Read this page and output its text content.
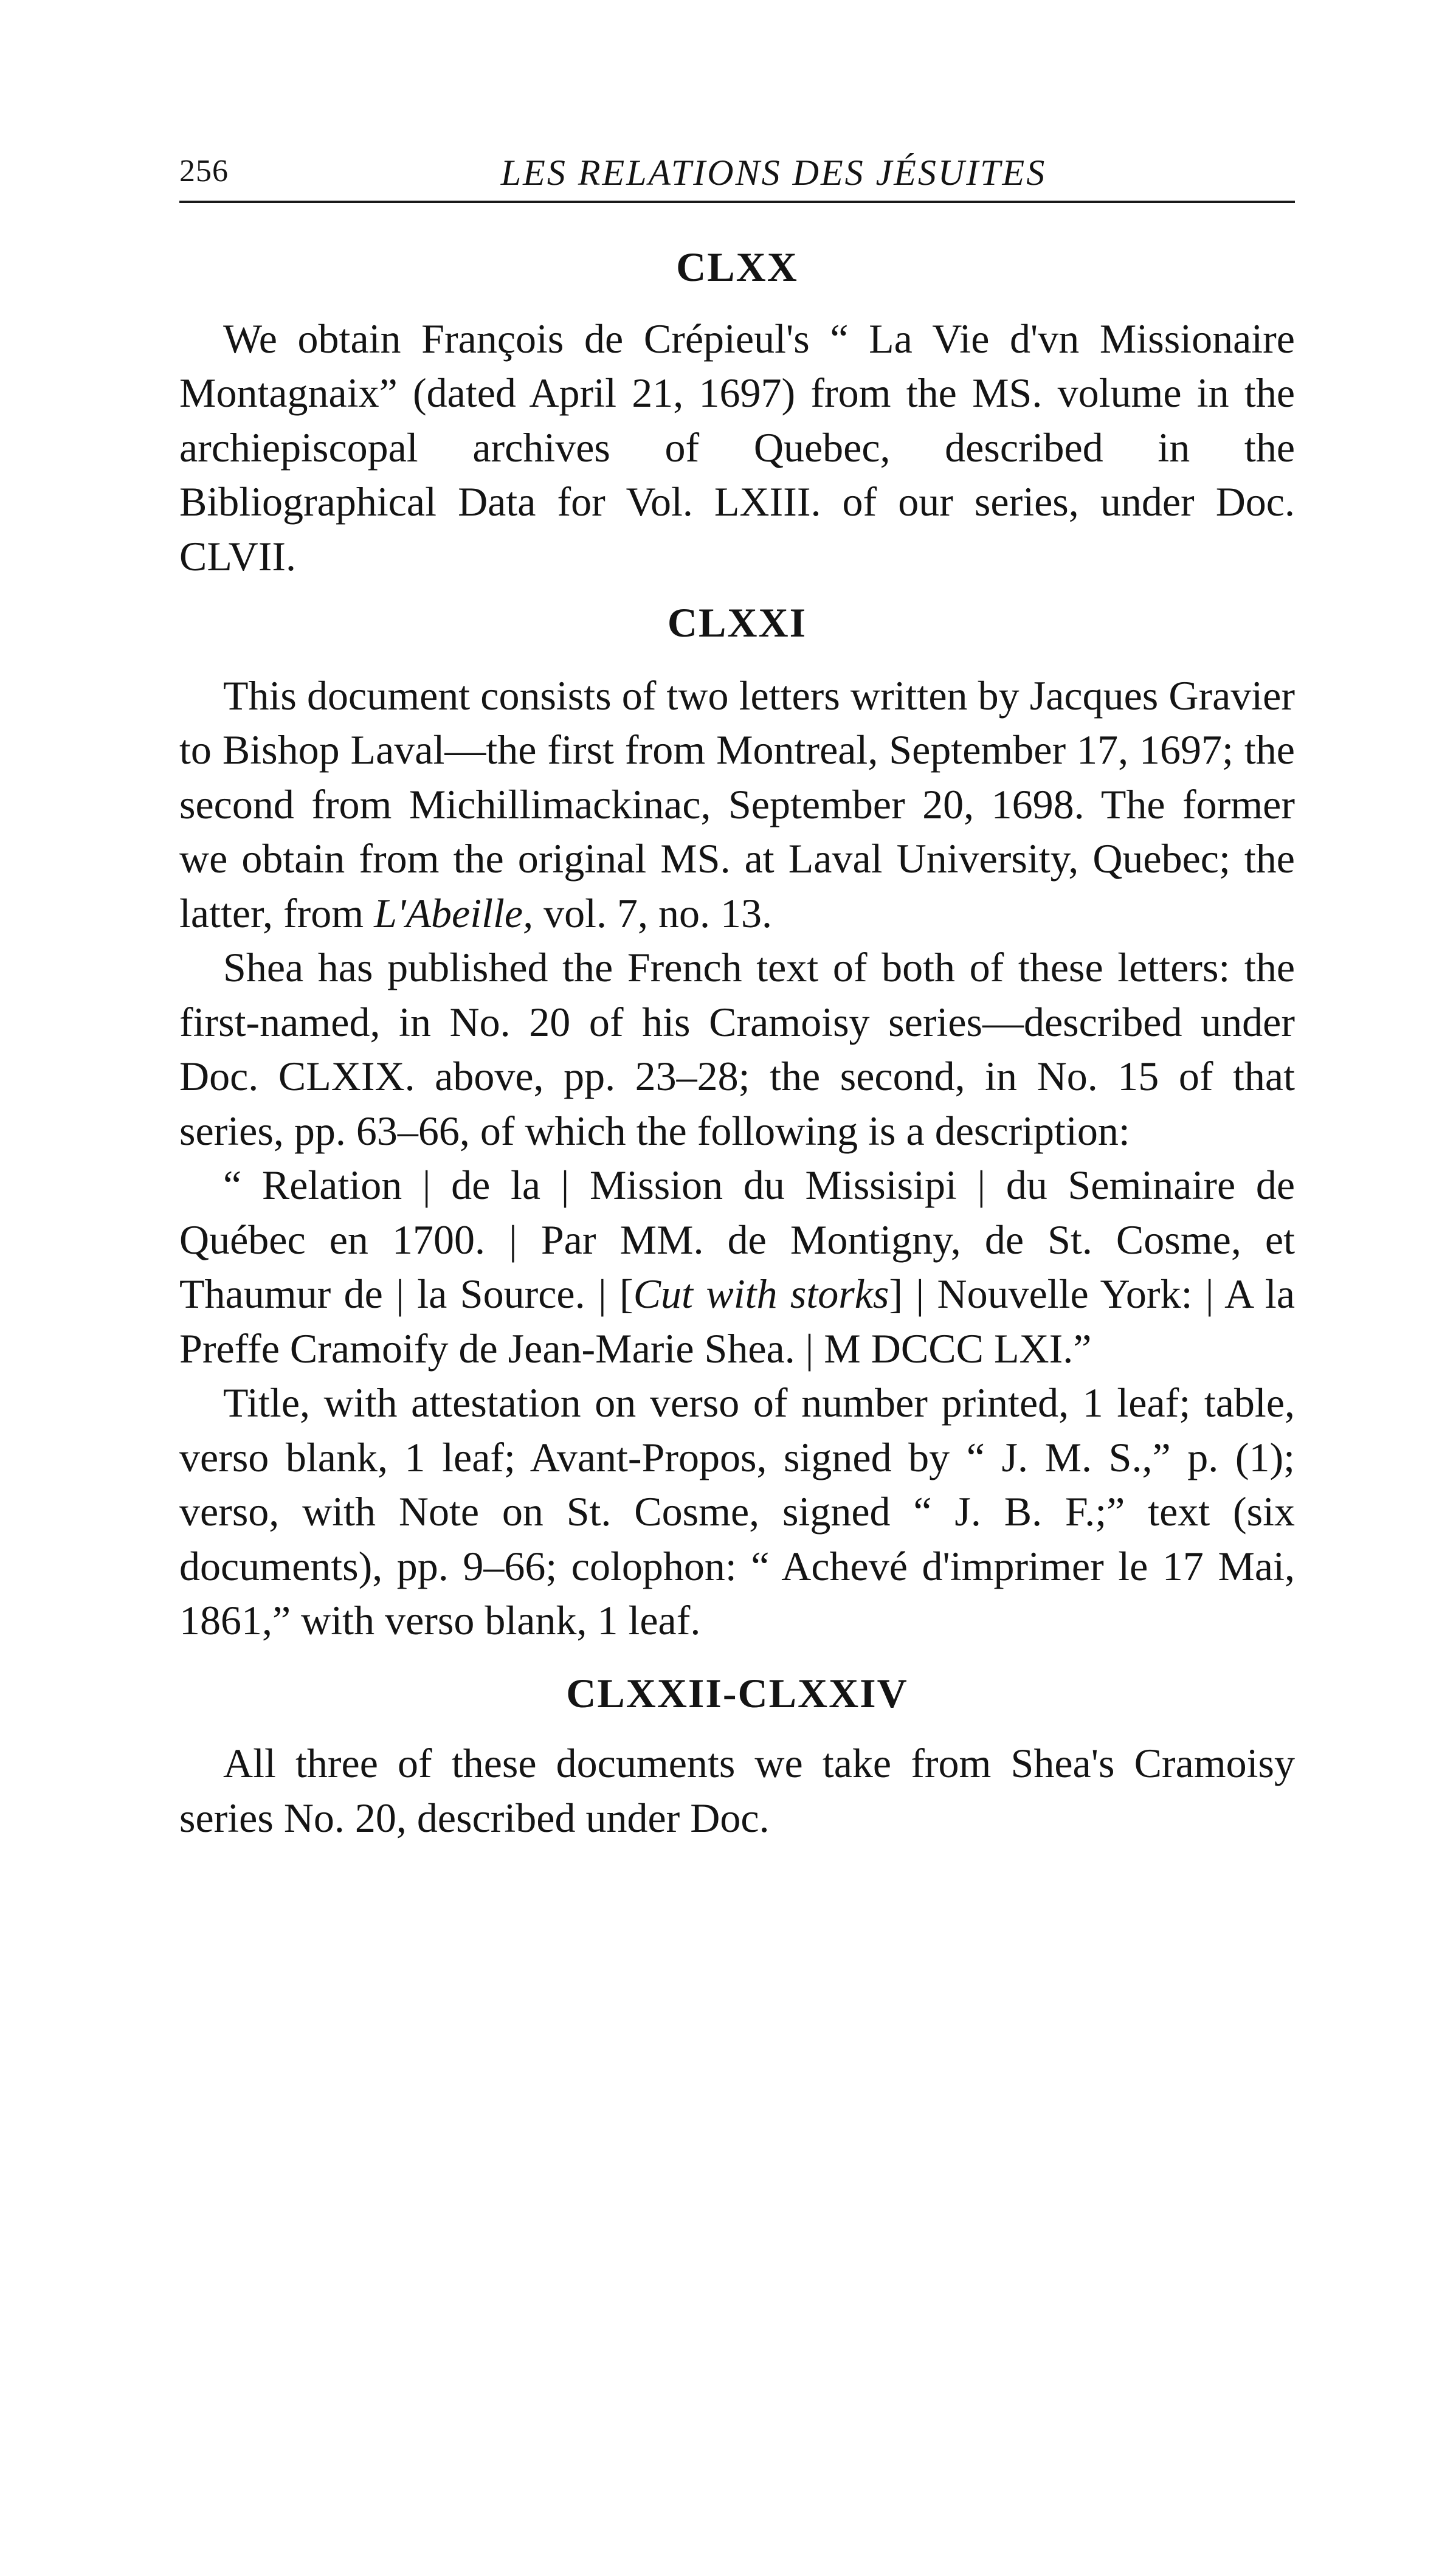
256	LES RELATIONS DES JÉSUITES
CLXX

We obtain François de Crépieul's “ La Vie d'vn Missionaire Montagnaix” (dated April 21, 1697) from the MS. volume in the archiepiscopal archives of Quebec, described in the Bibliographical Data for Vol. LXIII. of our series, under Doc. CLVII.

CLXXI

This document consists of two letters written by Jacques Gravier to Bishop Laval—the first from Montreal, September 17, 1697; the second from Michillimackinac, September 20, 1698. The former we obtain from the original MS. at Laval University, Quebec; the latter, from L'Abeille, vol. 7, no. 13.

Shea has published the French text of both of these letters: the first-named, in No. 20 of his Cramoisy series—described under Doc. CLXIX. above, pp. 23–28; the second, in No. 15 of that series, pp. 63–66, of which the following is a description:

“ Relation | de la | Mission du Missisipi | du Seminaire de Québec en 1700. | Par MM. de Montigny, de St. Cosme, et Thaumur de | la Source. | [Cut with storks] | Nouvelle York: | A la Preffe Cramoify de Jean-Marie Shea. | M DCCC LXI.”

Title, with attestation on verso of number printed, 1 leaf; table, verso blank, 1 leaf; Avant-Propos, signed by “ J. M. S.,” p. (1); verso, with Note on St. Cosme, signed “ J. B. F.;” text (six documents), pp. 9–66; colophon: “ Achevé d'imprimer le 17 Mai, 1861,” with verso blank, 1 leaf.

CLXXII-CLXXIV

All three of these documents we take from Shea's Cramoisy series No. 20, described under Doc.
